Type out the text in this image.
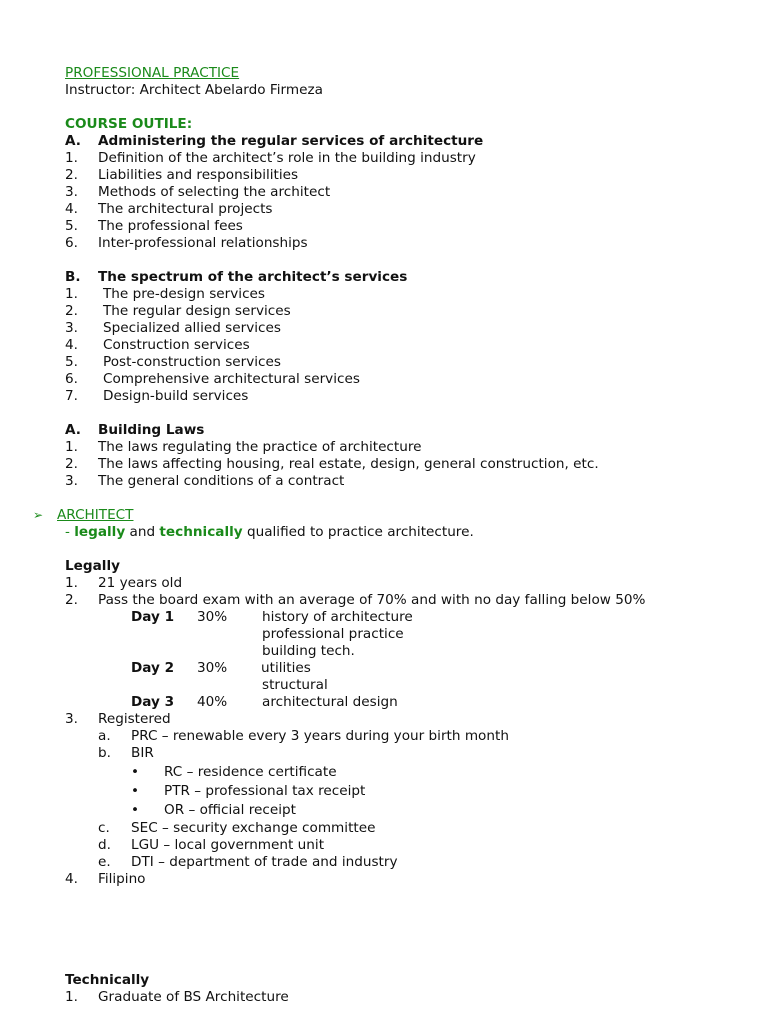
PROFESSIONAL PRACTICE
Instructor: Architect Abelardo Firmeza
COURSE OUTILE:
A. Administering the regular services of architecture
1. Definition of the architect’s role in the building industry
2. Liabilities and responsibilities
3. Methods of selecting the architect
4. The architectural projects
5. The professional fees
6. Inter-professional relationships
B. The spectrum of the architect’s services
1. The pre-design services
2. The regular design services
3. Specialized allied services
4. Construction services
5. Post-construction services
6. Comprehensive architectural services
7. Design-build services
A. Building Laws
1. The laws regulating the practice of architecture
2. The laws affecting housing, real estate, design, general construction, etc.
3. The general conditions of a contract
➢ ARCHITECT
- legally and technically qualified to practice architecture.
Legally
1. 21 years old
2. Pass the board exam with an average of 70% and with no day falling below 50%
Day 1 30%	history of architecture
professional practice
building tech.
Day 2 30% utilities
structural
Day 3 40%	architectural design
3. Registered
a. PRC – renewable every 3 years during your birth month
b. BIR
• RC – residence certificate
• PTR – professional tax receipt
• OR – official receipt
c. SEC – security exchange committee
d. LGU – local government unit
e. DTI – department of trade and industry
4. Filipino
Technically
1. Graduate of BS Architecture
